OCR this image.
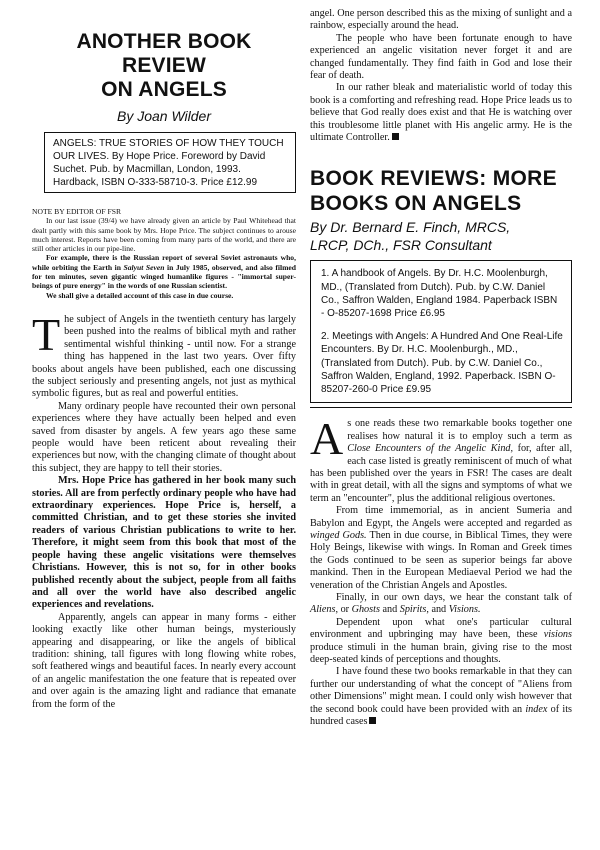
ANOTHER BOOK REVIEW
ON ANGELS
By Joan Wilder
ANGELS: TRUE STORIES OF HOW THEY TOUCH OUR LIVES. By Hope Price. Foreword by David Suchet. Pub. by Macmillan, London, 1993. Hardback, ISBN O-333-58710-3. Price £12.99

NOTE BY EDITOR OF FSR

In our last issue (39/4) we have already given an article by Paul Whitehead that dealt partly with this same book by Mrs. Hope Price. The subject continues to arouse much interest. Reports have been coming from many parts of the world, and there are still other articles in our pipe-line.

For example, there is the Russian report of several Soviet astronauts who, while orbiting the Earth in Salyut Seven in July 1985, observed, and also filmed for ten minutes, seven gigantic winged humanlike figures - "immortal super-beings of pure energy" in the words of one Russian scientist.

We shall give a detailed account of this case in due course.

The subject of Angels in the twentieth century has largely been pushed into the realms of biblical myth and rather sentimental wishful thinking - until now. For a strange thing has happened in the last two years. Over fifty books about angels have been published, each one discussing the subject seriously and presenting angels, not just as mythical symbolic figures, but as real and powerful entities.

Many ordinary people have recounted their own personal experiences where they have actually been helped and even saved from disaster by angels. A few years ago these same people would have been reticent about revealing their experiences but now, with the changing climate of thought about this subject, they are happy to tell their stories.

Mrs. Hope Price has gathered in her book many such stories. All are from perfectly ordinary people who have had extraordinary experiences. Hope Price is, herself, a committed Christian, and to get these stories she invited readers of various Christian publications to write to her. Therefore, it might seem from this book that most of the people having these angelic visitations were themselves Christians. However, this is not so, for in other books published recently about the subject, people from all faiths and all over the world have also described angelic experiences and revelations.

Apparently, angels can appear in many forms - either looking exactly like other human beings, mysteriously appearing and disappearing, or like the angels of biblical tradition: shining, tall figures with long flowing white robes, soft feathered wings and beautiful faces. In nearly every account of an angelic manifestation the one feature that is repeated over and over again is the amazing light and radiance that emanate from the form of the

angel. One person described this as the mixing of sunlight and a rainbow, especially around the head.

The people who have been fortunate enough to have experienced an angelic visitation never forget it and are changed fundamentally. They find faith in God and lose their fear of death.

In our rather bleak and materialistic world of today this book is a comforting and refreshing read. Hope Price leads us to believe that God really does exist and that He is watching over this troublesome little planet with His angelic army. He is the ultimate Controller.

BOOK REVIEWS: MORE
BOOKS ON ANGELS
By Dr. Bernard E. Finch, MRCS,
LRCP, DCh., FSR Consultant

1. A handbook of Angels. By Dr. H.C. Moolenburgh, MD., (Translated from Dutch). Pub. by C.W. Daniel Co., Saffron Walden, England 1984. Paperback ISBN - O-85207-1698 Price £6.95

2. Meetings with Angels: A Hundred And One Real-Life Encounters. By Dr. H.C. Moolenburgh., MD., (Translated from Dutch). Pub. by C.W. Daniel Co., Saffron Walden, England, 1992. Paperback. ISBN O-85207-260-0 Price £9.95

As one reads these two remarkable books together one realises how natural it is to employ such a term as Close Encounters of the Angelic Kind, for, after all, each case listed is greatly reminiscent of much of what has been published over the years in FSR! The cases are dealt with in great detail, with all the signs and symptoms of what we term an "encounter", plus the additional religious overtones.

From time immemorial, as in ancient Sumeria and Babylon and Egypt, the Angels were accepted and regarded as winged Gods. Then in due course, in Biblical Times, they were Holy Beings, likewise with wings. In Roman and Greek times the Gods continued to be seen as superior beings far above mankind. Then in the European Mediaeval Period we had the veneration of the Christian Angels and Apostles.

Finally, in our own days, we hear the constant talk of Aliens, or Ghosts and Spirits, and Visions.

Dependent upon what one's particular cultural environment and upbringing may have been, these visions produce stimuli in the human brain, giving rise to the most deep-seated kinds of perceptions and thoughts.

I have found these two books remarkable in that they can further our understanding of what the concept of "Aliens from other Dimensions" might mean. I could only wish however that the second book could have been provided with an index of its hundred cases
